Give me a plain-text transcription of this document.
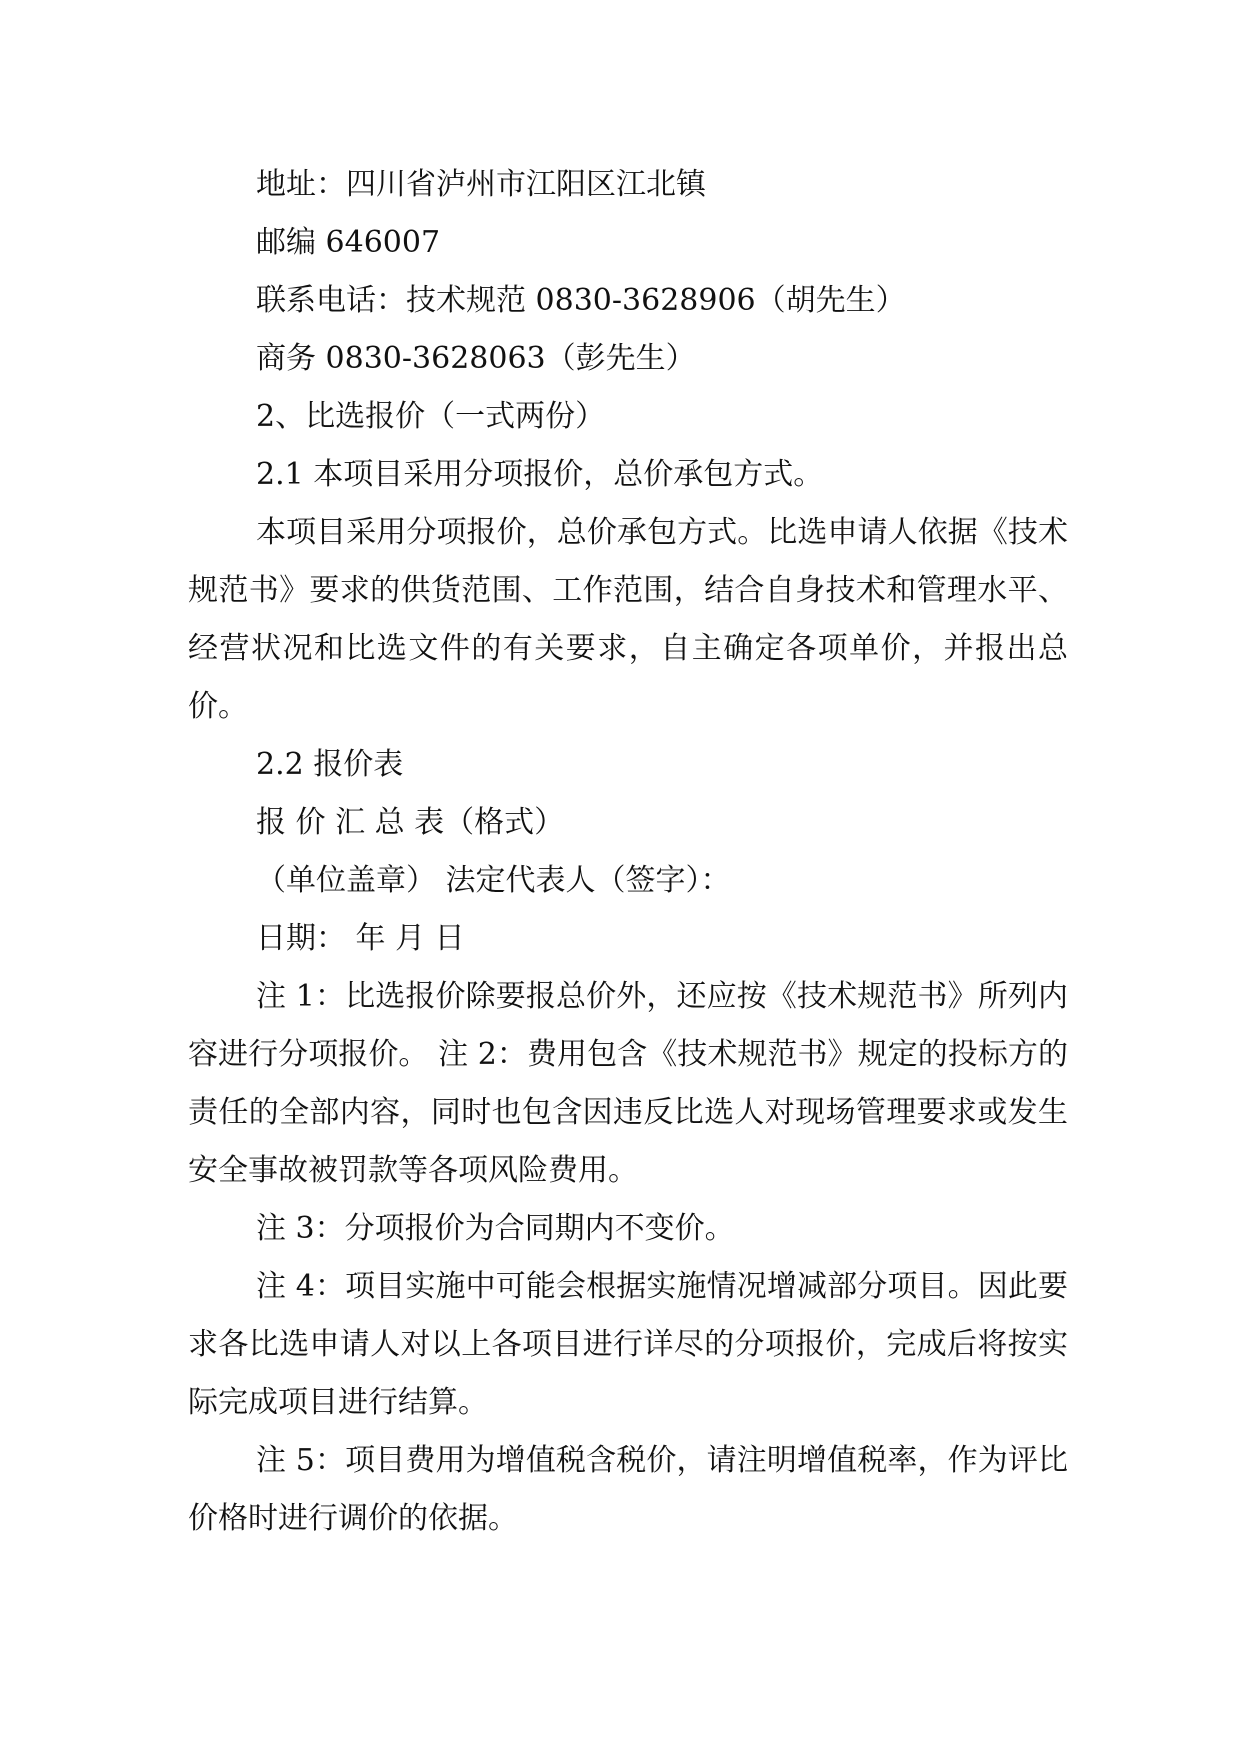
地址：四川省泸州市江阳区江北镇

邮编 646007

联系电话：技术规范 0830-3628906（胡先生）

商务 0830-3628063（彭先生）

2、比选报价（一式两份）

2.1 本项目采用分项报价，总价承包方式。

本项目采用分项报价，总价承包方式。比选申请人依据《技术规范书》要求的供货范围、工作范围，结合自身技术和管理水平、经营状况和比选文件的有关要求，自主确定各项单价，并报出总价。

2.2 报价表

报 价 汇 总 表（格式）

（单位盖章） 法定代表人（签字）：

日期： 年 月 日

注 1：比选报价除要报总价外，还应按《技术规范书》所列内容进行分项报价。 注 2：费用包含《技术规范书》规定的投标方的责任的全部内容，同时也包含因违反比选人对现场管理要求或发生安全事故被罚款等各项风险费用。

注 3：分项报价为合同期内不变价。

注 4：项目实施中可能会根据实施情况增减部分项目。因此要求各比选申请人对以上各项目进行详尽的分项报价，完成后将按实际完成项目进行结算。

注 5：项目费用为增值税含税价，请注明增值税率，作为评比价格时进行调价的依据。
